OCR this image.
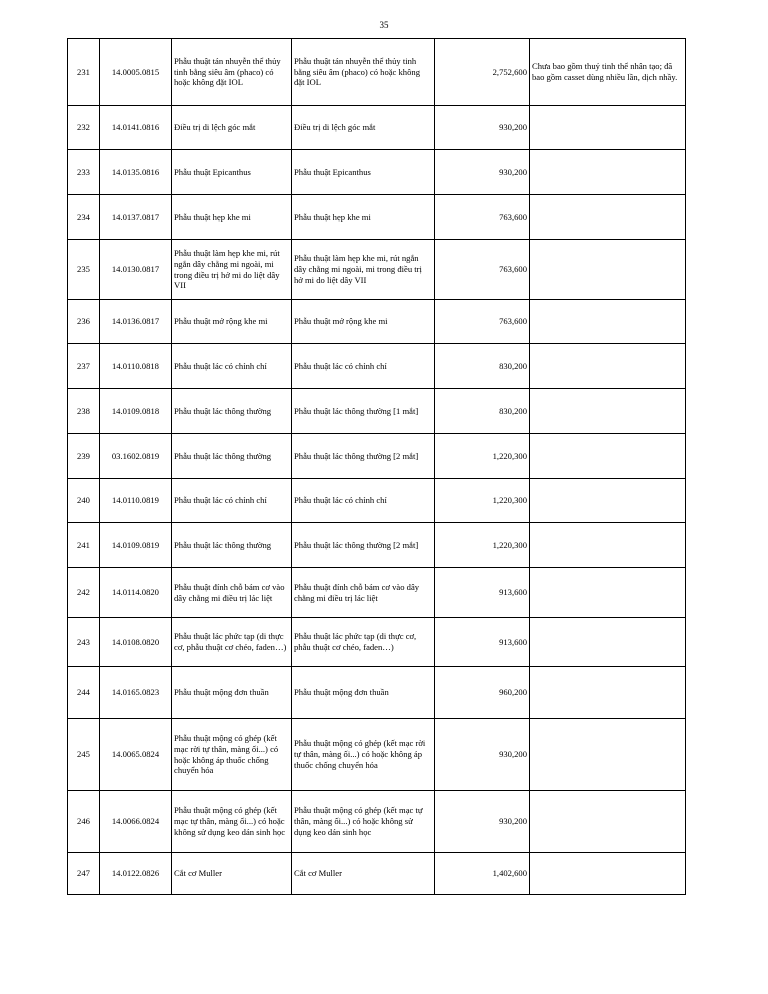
35
231	14.0005.0815	Phẫu thuật tán nhuyễn thể thủy tinh bằng siêu âm (phaco) có hoặc không đặt IOL	Phẫu thuật tán nhuyễn thể thủy tinh bằng siêu âm (phaco) có hoặc không đặt IOL	2,752,600	Chưa bao gồm thuỷ tinh thể nhân tạo; đã bao gồm casset dùng nhiều lần, dịch nhầy.
232	14.0141.0816	Điều trị di lệch góc mắt	Điều trị di lệch góc mắt	930,200	
233	14.0135.0816	Phẫu thuật Epicanthus	Phẫu thuật Epicanthus	930,200	
234	14.0137.0817	Phẫu thuật hẹp khe mi	Phẫu thuật hẹp khe mi	763,600	
235	14.0130.0817	Phẫu thuật làm hẹp khe mi, rút ngắn dây chằng mi ngoài, mi trong điều trị hở mi do liệt dây VII	Phẫu thuật làm hẹp khe mi, rút ngắn dây chằng mi ngoài, mi trong điều trị hở mi do liệt dây VII	763,600	
236	14.0136.0817	Phẫu thuật mở rộng khe mi	Phẫu thuật mở rộng khe mi	763,600	
237	14.0110.0818	Phẫu thuật lác có chỉnh chỉ	Phẫu thuật lác có chỉnh chỉ	830,200	
238	14.0109.0818	Phẫu thuật lác thông thường	Phẫu thuật lác thông thường [1 mắt]	830,200	
239	03.1602.0819	Phẫu thuật lác thông thường	Phẫu thuật lác thông thường [2 mắt]	1,220,300	
240	14.0110.0819	Phẫu thuật lác có chỉnh chỉ	Phẫu thuật lác có chỉnh chỉ	1,220,300	
241	14.0109.0819	Phẫu thuật lác thông thường	Phẫu thuật lác thông thường [2 mắt]	1,220,300	
242	14.0114.0820	Phẫu thuật đính chỗ bám cơ vào dây chằng mi điều trị lác liệt	Phẫu thuật đính chỗ bám cơ vào dây chằng mi điều trị lác liệt	913,600	
243	14.0108.0820	Phẫu thuật lác phức tạp (di thực cơ, phẫu thuật cơ chéo, faden…)	Phẫu thuật lác phức tạp (di thực cơ, phẫu thuật cơ chéo, faden…)	913,600	
244	14.0165.0823	Phẫu thuật mộng đơn thuần	Phẫu thuật mộng đơn thuần	960,200	
245	14.0065.0824	Phẫu thuật mộng có ghép (kết mạc rời tự thân, màng ối...) có hoặc không áp thuốc chống chuyển hóa	Phẫu thuật mộng có ghép (kết mạc rời tự thân, màng ối...) có hoặc không áp thuốc chống chuyển hóa	930,200	
246	14.0066.0824	Phẫu thuật mộng có ghép (kết mạc tự thân, màng ối...) có hoặc không sử dụng keo dán sinh học	Phẫu thuật mộng có ghép (kết mạc tự thân, màng ối...) có hoặc không sử dụng keo dán sinh học	930,200	
247	14.0122.0826	Cắt cơ Muller	Cắt cơ Muller	1,402,600	
